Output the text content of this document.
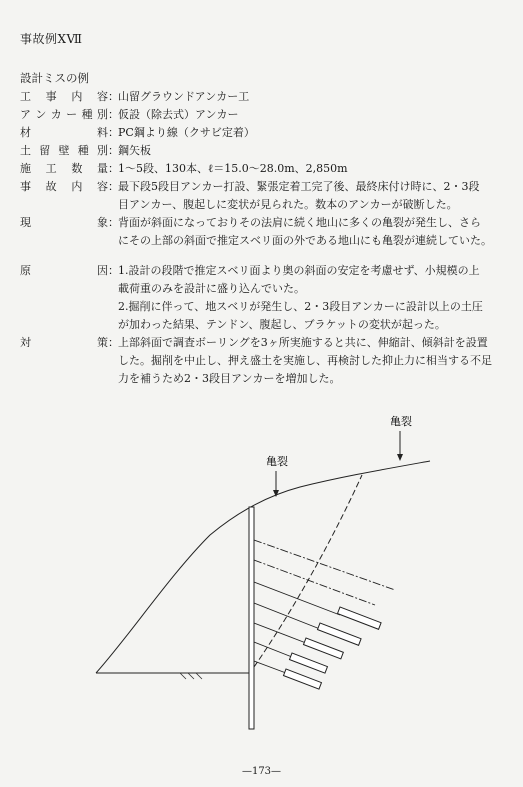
事故例XⅦ
設計ミスの例
工 事 内 容 ： 山留グラウンドアンカー工
ア ン カ ー 種 別 ： 仮設（除去式）アンカー
材	料 ： PC鋼より線（クサビ定着）
土 留 壁 種 別 ： 鋼矢板
施 工 数 量 ： 1～5段、130本、ℓ＝15.0～28.0m、2,850m
事 故 内 容 ： 最下段5段目アンカー打設、緊張定着工完了後、最終床付け時に、2・3段
目アンカー、腹起しに変状が見られた。数本のアンカーが破断した。
現	象 ： 背面が斜面になっておりその法肩に続く地山に多くの亀裂が発生し、さら
にその上部の斜面で推定スベリ面の外である地山にも亀裂が連続していた。
原	因 ： 1.設計の段階で推定スベリ面より奥の斜面の安定を考慮せず、小規模の上
載荷重のみを設計に盛り込んでいた。
2.掘削に伴って、地スベリが発生し、2・3段目アンカーに設計以上の土圧
が加わった結果、テンドン、腹起し、ブラケットの変状が起った。
対	策 ： 上部斜面で調査ボーリングを3ヶ所実施すると共に、伸縮計、傾斜計を設置
した。掘削を中止し、押え盛土を実施し、再検討した抑止力に相当する不足
力を補うため2・3段目アンカーを増加した。
亀裂
亀裂
—173—
